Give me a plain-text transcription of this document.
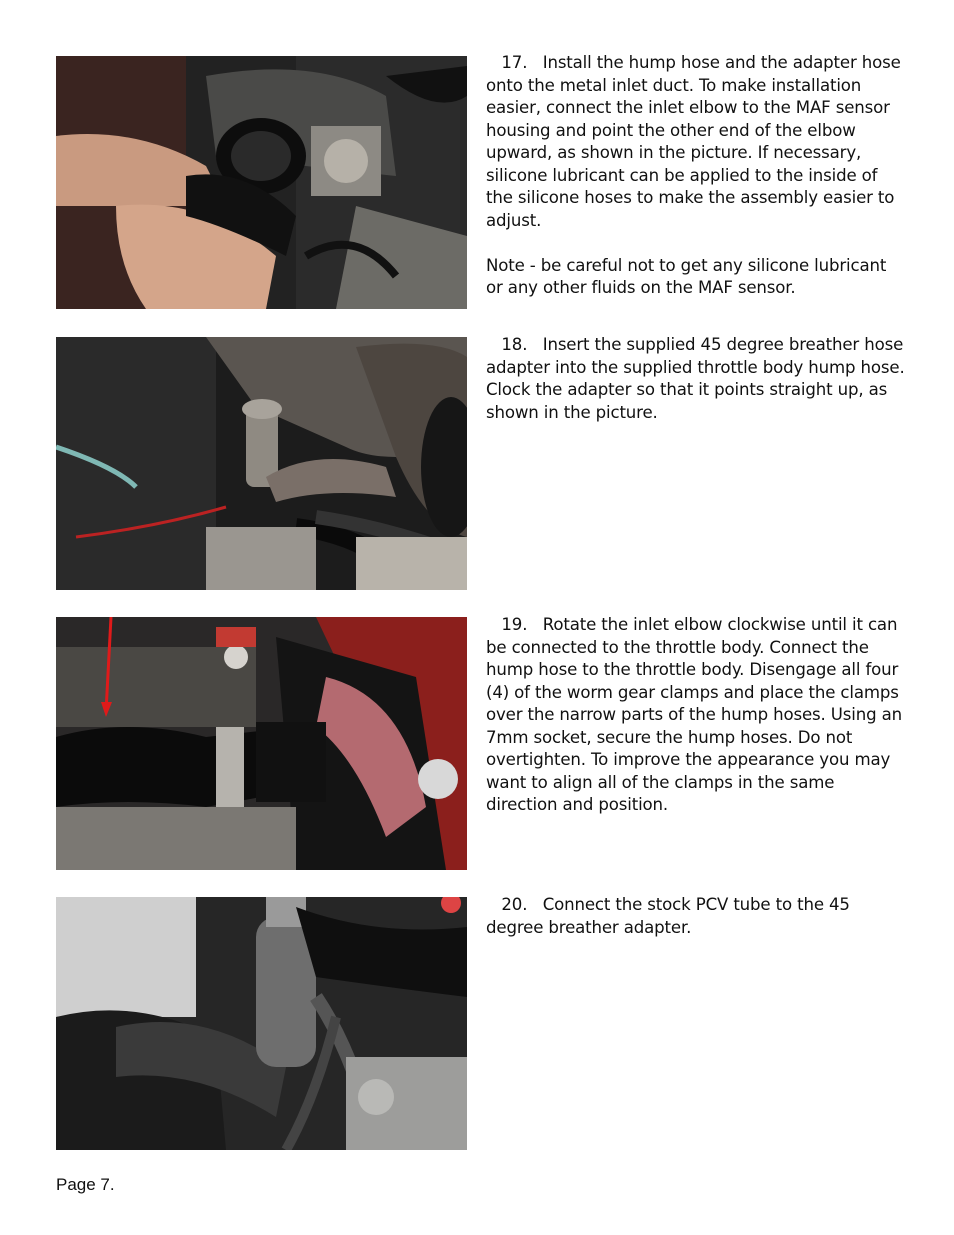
17. Install the hump hose and the adapter hose onto the metal inlet duct. To make installation easier, connect the inlet elbow to the MAF sensor housing and point the other end of the elbow upward, as shown in the picture. If necessary, silicone lubricant can be applied to the inside of the silicone hoses to make the assembly easier to adjust.

Note - be careful not to get any silicone lubricant or any other fluids on the MAF sensor.

18. Insert the supplied 45 degree breather hose adapter into the supplied throttle body hump hose. Clock the adapter so that it points straight up, as shown in the picture.

19. Rotate the inlet elbow clockwise until it can be connected to the throttle body. Connect the hump hose to the throttle body. Disengage all four (4) of the worm gear clamps and place the clamps over the narrow parts of the hump hoses. Using an 7mm socket, secure the hump hoses. Do not overtighten. To improve the appearance you may want to align all of the clamps in the same direction and position.

20. Connect the stock PCV tube to the 45 degree breather adapter.

Page 7.
